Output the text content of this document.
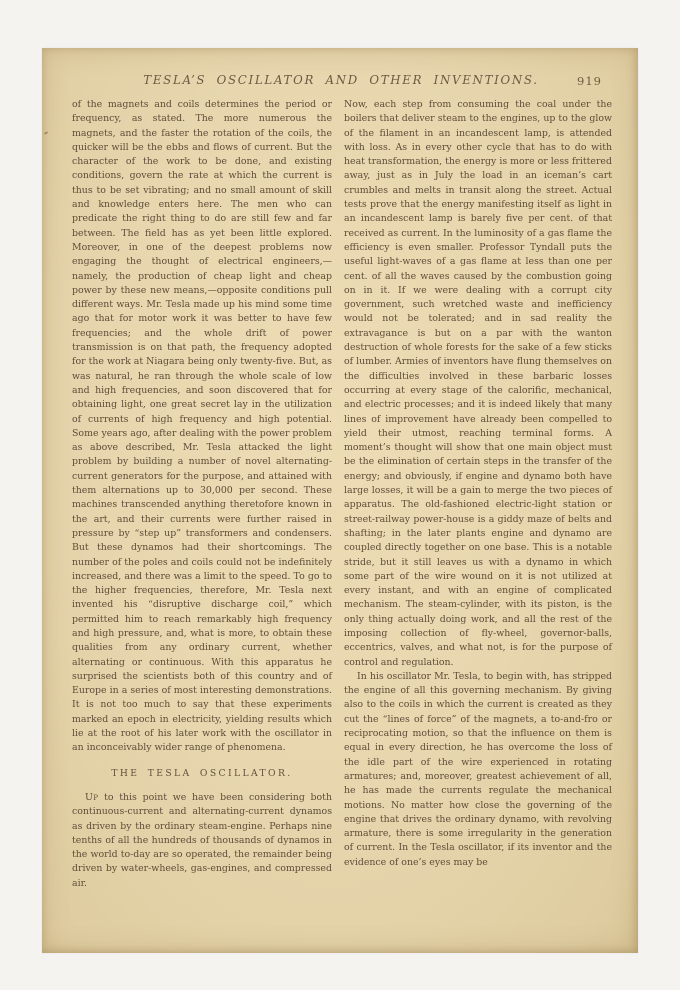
TESLA’S OSCILLATOR AND OTHER INVENTIONS.	919

of the magnets and coils determines the period or frequency, as stated. The more numerous the magnets, and the faster the rotation of the coils, the quicker will be the ebbs and flows of current. But the character of the work to be done, and existing conditions, govern the rate at which the current is thus to be set vibrating; and no small amount of skill and knowledge enters here. The men who can predicate the right thing to do are still few and far between. The field has as yet been little explored. Moreover, in one of the deepest problems now engaging the thought of electrical engineers,—namely, the production of cheap light and cheap power by these new means,—opposite conditions pull different ways. Mr. Tesla made up his mind some time ago that for motor work it was better to have few frequencies; and the whole drift of power transmission is on that path, the frequency adopted for the work at Niagara being only twenty-five. But, as was natural, he ran through the whole scale of low and high frequencies, and soon discovered that for obtaining light, one great secret lay in the utilization of currents of high frequency and high potential. Some years ago, after dealing with the power problem as above described, Mr. Tesla attacked the light problem by building a number of novel alternating-current generators for the purpose, and attained with them alternations up to 30,000 per second. These machines transcended anything theretofore known in the art, and their currents were further raised in pressure by “step up” transformers and condensers. But these dynamos had their shortcomings. The number of the poles and coils could not be indefinitely increased, and there was a limit to the speed. To go to the higher frequencies, therefore, Mr. Tesla next invented his “disruptive discharge coil,” which permitted him to reach remarkably high frequency and high pressure, and, what is more, to obtain these qualities from any ordinary current, whether alternating or continuous. With this apparatus he surprised the scientists both of this country and of Europe in a series of most interesting demonstrations. It is not too much to say that these experiments marked an epoch in electricity, yielding results which lie at the root of his later work with the oscillator in an inconceivably wider range of phenomena.

THE TESLA OSCILLATOR.

Up to this point we have been considering both continuous-current and alternating-current dynamos as driven by the ordinary steam-engine. Perhaps nine tenths of all the hundreds of thousands of dynamos in the world to-day are so operated, the remainder being driven by water-wheels, gas-engines, and compressed air.

Now, each step from consuming the coal under the boilers that deliver steam to the engines, up to the glow of the filament in an incandescent lamp, is attended with loss. As in every other cycle that has to do with heat transformation, the energy is more or less frittered away, just as in July the load in an iceman’s cart crumbles and melts in transit along the street. Actual tests prove that the energy manifesting itself as light in an incandescent lamp is barely five per cent. of that received as current. In the luminosity of a gas flame the efficiency is even smaller. Professor Tyndall puts the useful light-waves of a gas flame at less than one per cent. of all the waves caused by the combustion going on in it. If we were dealing with a corrupt city government, such wretched waste and inefficiency would not be tolerated; and in sad reality the extravagance is but on a par with the wanton destruction of whole forests for the sake of a few sticks of lumber. Armies of inventors have flung themselves on the difficulties involved in these barbaric losses occurring at every stage of the calorific, mechanical, and electric processes; and it is indeed likely that many lines of improvement have already been compelled to yield their utmost, reaching terminal forms. A moment’s thought will show that one main object must be the elimination of certain steps in the transfer of the energy; and obviously, if engine and dynamo both have large losses, it will be a gain to merge the two pieces of apparatus. The old-fashioned electric-light station or street-railway power-house is a giddy maze of belts and shafting; in the later plants engine and dynamo are coupled directly together on one base. This is a notable stride, but it still leaves us with a dynamo in which some part of the wire wound on it is not utilized at every instant, and with an engine of complicated mechanism. The steam-cylinder, with its piston, is the only thing actually doing work, and all the rest of the imposing collection of fly-wheel, governor-balls, eccentrics, valves, and what not, is for the purpose of control and regulation.

In his oscillator Mr. Tesla, to begin with, has stripped the engine of all this governing mechanism. By giving also to the coils in which the current is created as they cut the “lines of force” of the magnets, a to-and-fro or reciprocating motion, so that the influence on them is equal in every direction, he has overcome the loss of the idle part of the wire experienced in rotating armatures; and, moreover, greatest achievement of all, he has made the currents regulate the mechanical motions. No matter how close the governing of the engine that drives the ordinary dynamo, with revolving armature, there is some irregularity in the generation of current. In the Tesla oscillator, if its inventor and the evidence of one’s eyes may be
